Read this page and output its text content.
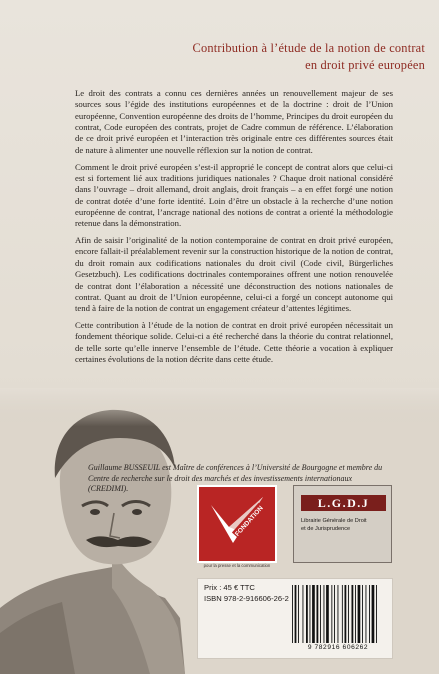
Contribution à l’étude de la notion de contrat
en droit privé européen

Le droit des contrats a connu ces dernières années un renouvellement majeur de ses sources sous l’égide des institutions européennes et de la doctrine : droit de l’Union européenne, Convention européenne des droits de l’homme, Principes du droit européen du contrat, Code européen des contrats, projet de Cadre commun de référence. L’élaboration de ce droit privé européen et l’interaction très originale entre ces différentes sources était de nature à alimenter une nouvelle réflexion sur la notion de contrat.

Comment le droit privé européen s’est-il approprié le concept de contrat alors que celui-ci est si fortement lié aux traditions juridiques nationales ? Chaque droit national considéré dans l’ouvrage – droit allemand, droit anglais, droit français – a en effet forgé une notion de contrat dotée d’une forte identité. Loin d’être un obstacle à la recherche d’une notion européenne de contrat, l’ancrage national des notions de contrat a orienté la méthodologie retenue dans la démonstration.

Afin de saisir l’originalité de la notion contemporaine de contrat en droit privé européen, encore fallait-il préalablement revenir sur la construction historique de la notion de contrat, du droit romain aux codifications nationales du droit civil (Code civil, Bürgerliches Gesetzbuch). Les codifications doctrinales contemporaines offrent une notion renouvelée de contrat dont l’élaboration a nécessité une déconstruction des notions nationales de contrat. Quant au droit de l’Union européenne, celui-ci a forgé un concept autonome qui tend à faire de la notion de contrat un engagement créateur d’attentes légitimes.

Cette contribution à l’étude de la notion de contrat en droit privé européen nécessitait un fondement théorique solide. Celui-ci a été recherché dans la théorie du contrat relationnel, de telle sorte qu’elle innerve l’ensemble de l’étude. Cette théorie a vocation à expliquer certaines évolutions de la notion décrite dans cette étude.

Guillaume BUSSEUIL est Maître de conférences à l’Université de Bourgogne et membre du Centre de recherche sur le droit des marchés et des investissements internationaux (CREDIMI).
FONDATION
pour la presse et la communication
L.G.D.J
Librairie Générale de Droit
et de Jurisprudence
Prix : 45 € TTC
ISBN 978-2-916606-26-2
9 782916 606262
